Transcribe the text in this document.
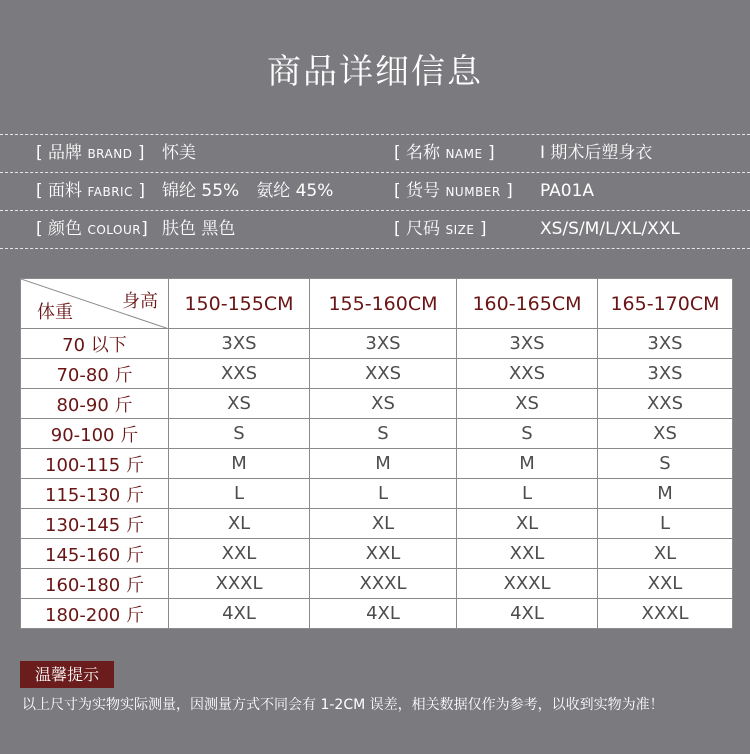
商品详细信息
[ 品牌 BRAND ] 怀美	[ 名称 NAME ]	I 期术后塑身衣
[ 面料 FABRIC ] 锦纶 55%　氨纶 45%	[ 货号 NUMBER ] PA01A
[ 颜色 COLOUR] 肤色 黑色	[ 尺码 SIZE ]	XS/S/M/L/XL/XXL
身高
体重	150-155CM	155-160CM	160-165CM	165-170CM
70 以下	3XS	3XS	3XS	3XS
70-80 斤	XXS	XXS	XXS	3XS
80-90 斤	XS	XS	XS	XXS
90-100 斤	S	S	S	XS
100-115 斤	M	M	M	S
115-130 斤	L	L	L	M
130-145 斤	XL	XL	XL	L
145-160 斤	XXL	XXL	XXL	XL
160-180 斤	XXXL	XXXL	XXXL	XXL
180-200 斤	4XL	4XL	4XL	XXXL
温馨提示
以上尺寸为实物实际测量，因测量方式不同会有 1-2CM 误差，相关数据仅作为参考，以收到实物为准！
